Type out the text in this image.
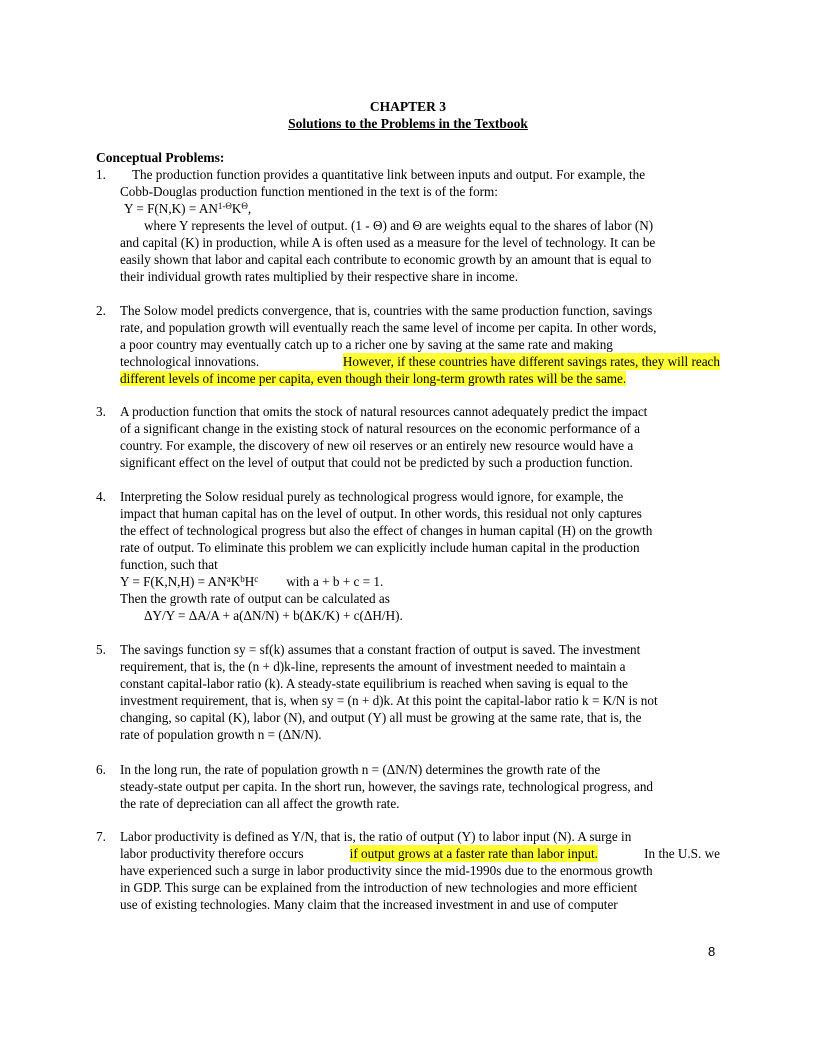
CHAPTER 3
Solutions to the Problems in the Textbook
Conceptual Problems:
1.	The production function provides a quantitative link between inputs and output. For example, the
Cobb-Douglas production function mentioned in the text is of the form:
$Y = F(N,K) = AN^{1-\Theta}K^\Theta$,
where Y represents the level of output. (1 - Θ) and Θ are weights equal to the shares of labor (N)
and capital (K) in production, while A is often used as a measure for the level of technology. It can be
easily shown that labor and capital each contribute to economic growth by an amount that is equal to
their individual growth rates multiplied by their respective share in income.
2.	The Solow model predicts convergence, that is, countries with the same production function, savings
rate, and population growth will eventually reach the same level of income per capita. In other words,
a poor country may eventually catch up to a richer one by saving at the same rate and making
technological innovations.	However, if these countries have different savings rates, they will reach
different levels of income per capita, even though their long-term growth rates will be the same.
3.	A production function that omits the stock of natural resources cannot adequately predict the impact
of a significant change in the existing stock of natural resources on the economic performance of a
country. For example, the discovery of new oil reserves or an entirely new resource would have a
significant effect on the level of output that could not be predicted by such a production function.
4.	Interpreting the Solow residual purely as technological progress would ignore, for example, the
impact that human capital has on the level of output. In other words, this residual not only captures
the effect of technological progress but also the effect of changes in human capital (H) on the growth
rate of output. To eliminate this problem we can explicitly include human capital in the production
function, such that
$Y = F(K,N,H) = AN^aK^bH^c$ with a + b + c = 1.
Then the growth rate of output can be calculated as
ΔY/Y = ΔA/A + a(ΔN/N) + b(ΔK/K) + c(ΔH/H).
5.	The savings function sy = sf(k) assumes that a constant fraction of output is saved. The investment
requirement, that is, the (n + d)k-line, represents the amount of investment needed to maintain a
constant capital-labor ratio (k). A steady-state equilibrium is reached when saving is equal to the
investment requirement, that is, when sy = (n + d)k. At this point the capital-labor ratio k = K/N is not
changing, so capital (K), labor (N), and output (Y) all must be growing at the same rate, that is, the
rate of population growth n = (ΔN/N).
6.	In the long run, the rate of population growth n = (ΔN/N) determines the growth rate of the
steady-state output per capita. In the short run, however, the savings rate, technological progress, and
the rate of depreciation can all affect the growth rate.
7.	Labor productivity is defined as Y/N, that is, the ratio of output (Y) to labor input (N). A surge in
labor productivity therefore occurs	if output grows at a faster rate than labor input.	In the U.S. we
have experienced such a surge in labor productivity since the mid-1990s due to the enormous growth
in GDP. This surge can be explained from the introduction of new technologies and more efficient
use of existing technologies. Many claim that the increased investment in and use of computer
8
